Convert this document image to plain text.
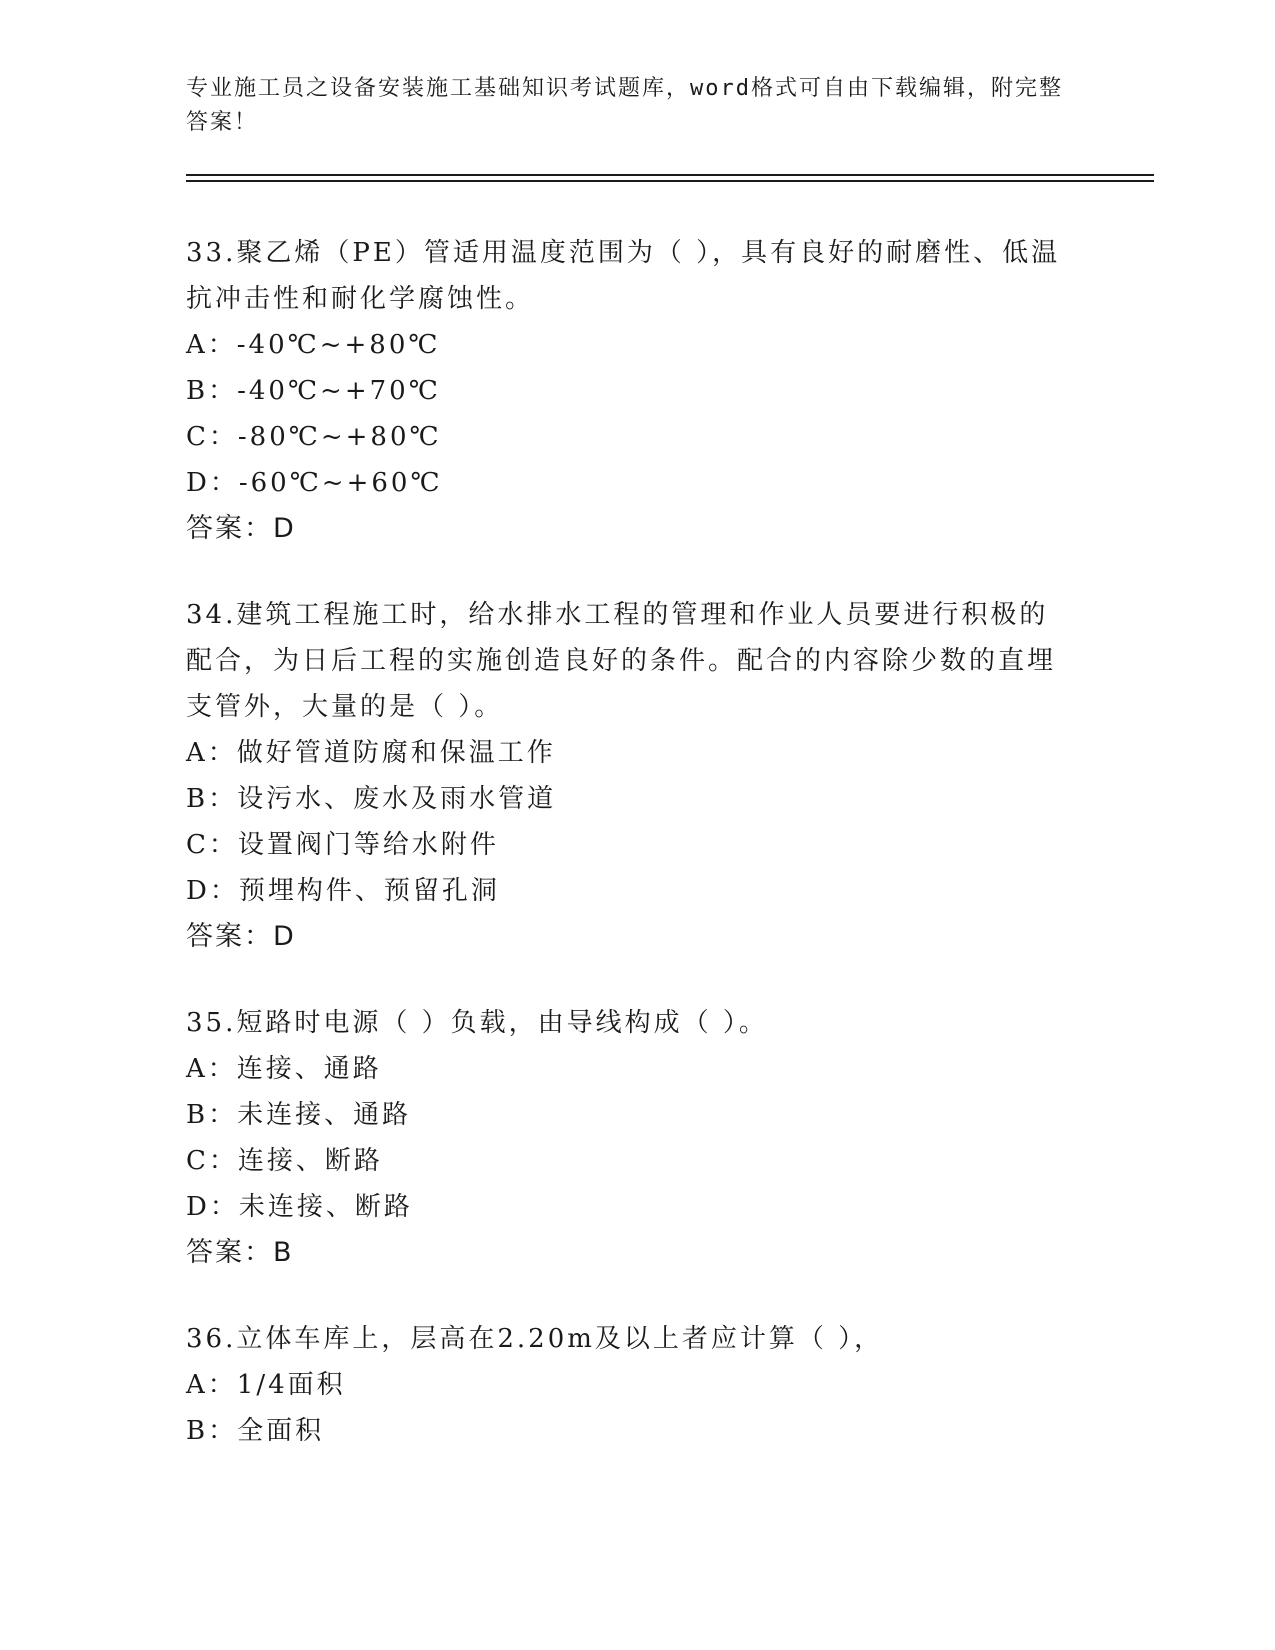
专业施工员之设备安装施工基础知识考试题库，word格式可自由下载编辑，附完整答案！

33.聚乙烯（PE）管适用温度范围为（ ），具有良好的耐磨性、低温抗冲击性和耐化学腐蚀性。

A：-40℃~+80℃

B：-40℃~+70℃

C：-80℃~+80℃

D：-60℃~+60℃

答案：D

34.建筑工程施工时，给水排水工程的管理和作业人员要进行积极的配合，为日后工程的实施创造良好的条件。配合的内容除少数的直埋支管外，大量的是（ ）。

A：做好管道防腐和保温工作

B：设污水、废水及雨水管道

C：设置阀门等给水附件

D：预埋构件、预留孔洞

答案：D

35.短路时电源（ ）负载，由导线构成（ ）。

A：连接、通路

B：未连接、通路

C：连接、断路

D：未连接、断路

答案：B

36.立体车库上，层高在2.20m及以上者应计算（ ），

A：1/4面积

B：全面积
